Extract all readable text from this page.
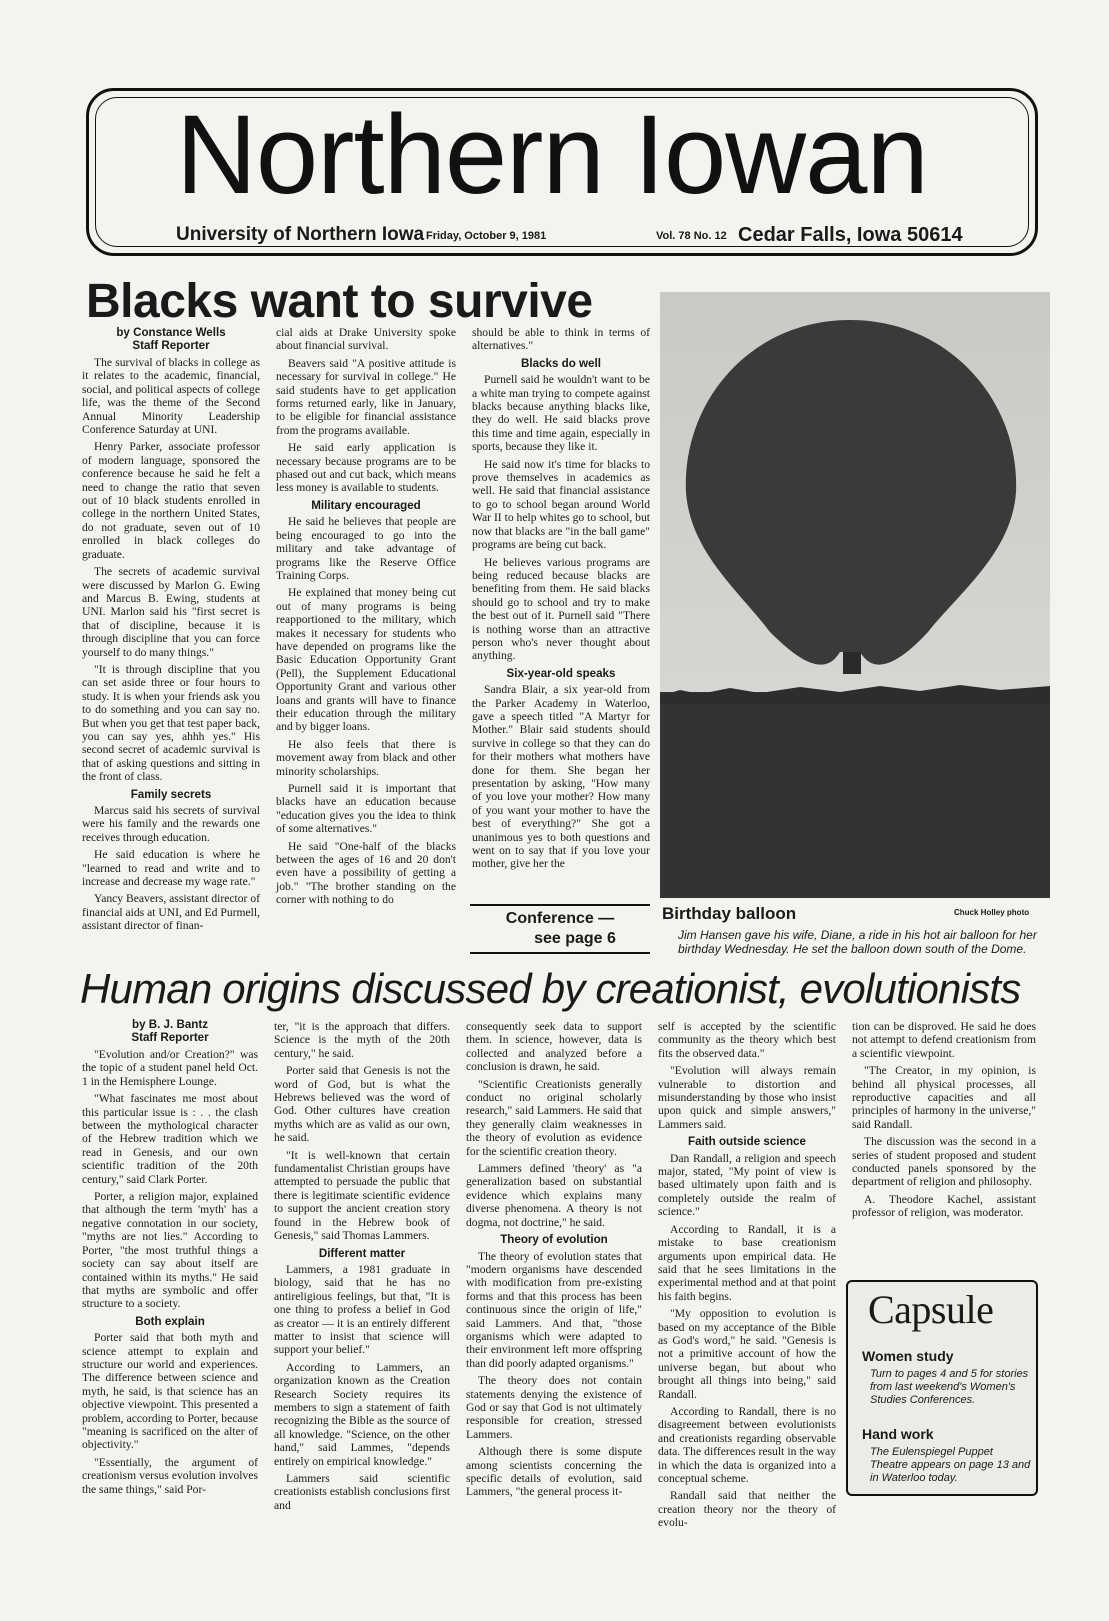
Northern Iowan
University of Northern Iowa Friday, October 9, 1981	Vol. 78 No. 12 Cedar Falls, Iowa 50614
Blacks want to survive
by Constance Wells
Staff Reporter

The survival of blacks in college as it relates to the academic, financial, social, and political aspects of college life, was the theme of the Second Annual Minority Leadership Conference Saturday at UNI.

Henry Parker, associate professor of modern language, sponsored the conference because he said he felt a need to change the ratio that seven out of 10 black students enrolled in college in the northern United States, do not graduate, seven out of 10 enrolled in black colleges do graduate.

The secrets of academic survival were discussed by Marlon G. Ewing and Marcus B. Ewing, students at UNI. Marlon said his "first secret is that of discipline, because it is through discipline that you can force yourself to do many things."

"It is through discipline that you can set aside three or four hours to study. It is when your friends ask you to do something and you can say no. But when you get that test paper back, you can say yes, ahhh yes." His second secret of academic survival is that of asking questions and sitting in the front of class.

Family secrets

Marcus said his secrets of survival were his family and the rewards one receives through education.

He said education is where he "learned to read and write and to increase and decrease my wage rate."

Yancy Beavers, assistant director of financial aids at UNI, and Ed Purmell, assistant director of finan-

cial aids at Drake University spoke about financial survival.

Beavers said "A positive attitude is necessary for survival in college." He said students have to get application forms returned early, like in January, to be eligible for financial assistance from the programs available.

He said early application is necessary because programs are to be phased out and cut back, which means less money is available to students.

Military encouraged

He said he believes that people are being encouraged to go into the military and take advantage of programs like the Reserve Office Training Corps.

He explained that money being cut out of many programs is being reapportioned to the military, which makes it necessary for students who have depended on programs like the Basic Education Opportunity Grant (Pell), the Supplement Educational Opportunity Grant and various other loans and grants will have to finance their education through the military and by bigger loans.

He also feels that there is movement away from black and other minority scholarships.

Purnell said it is important that blacks have an education because "education gives you the idea to think of some alternatives."

He said "One-half of the blacks between the ages of 16 and 20 don't even have a possibility of getting a job." "The brother standing on the corner with nothing to do

should be able to think in terms of alternatives."

Blacks do well

Purnell said he wouldn't want to be a white man trying to compete against blacks because anything blacks like, they do well. He said blacks prove this time and time again, especially in sports, because they like it.

He said now it's time for blacks to prove themselves in academics as well. He said that financial assistance to go to school began around World War II to help whites go to school, but now that blacks are "in the ball game" programs are being cut back.

He believes various programs are being reduced because blacks are benefiting from them. He said blacks should go to school and try to make the best out of it. Purnell said "There is nothing worse than an attractive person who's never thought about anything.

Six-year-old speaks

Sandra Blair, a six year-old from the Parker Academy in Waterloo, gave a speech titled "A Martyr for Mother." Blair said students should survive in college so that they can do for their mothers what mothers have done for them. She began her presentation by asking, "How many of you love your mother? How many of you want your mother to have the best of everything?" She got a unanimous yes to both questions and went on to say that if you love your mother, give her the

Conference —
see page 6
Birthday balloon	Chuck Holley photo
Jim Hansen gave his wife, Diane, a ride in his hot air balloon for her birthday Wednesday. He set the balloon down south of the Dome.
Human origins discussed by creationist, evolutionists
by B. J. Bantz
Staff Reporter

"Evolution and/or Creation?" was the topic of a student panel held Oct. 1 in the Hemisphere Lounge.

"What fascinates me most about this particular issue is : . . the clash between the mythological character of the Hebrew tradition which we read in Genesis, and our own scientific tradition of the 20th century," said Clark Porter.

Porter, a religion major, explained that although the term 'myth' has a negative connotation in our society, "myths are not lies." According to Porter, "the most truthful things a society can say about itself are contained within its myths." He said that myths are symbolic and offer structure to a society.

Both explain

Porter said that both myth and science attempt to explain and structure our world and experiences. The difference between science and myth, he said, is that science has an objective viewpoint. This presented a problem, according to Porter, because "meaning is sacrificed on the alter of objectivity."

"Essentially, the argument of creationism versus evolution involves the same things," said Por-

ter, "it is the approach that differs. Science is the myth of the 20th century," he said.

Porter said that Genesis is not the word of God, but is what the Hebrews believed was the word of God. Other cultures have creation myths which are as valid as our own, he said.

"It is well-known that certain fundamentalist Christian groups have attempted to persuade the public that there is legitimate scientific evidence to support the ancient creation story found in the Hebrew book of Genesis," said Thomas Lammers.

Different matter

Lammers, a 1981 graduate in biology, said that he has no antireligious feelings, but that, "It is one thing to profess a belief in God as creator — it is an entirely different matter to insist that science will support your belief."

According to Lammers, an organization known as the Creation Research Society requires its members to sign a statement of faith recognizing the Bible as the source of all knowledge. "Science, on the other hand," said Lammes, "depends entirely on empirical knowledge."

Lammers said scientific creationists establish conclusions first and

consequently seek data to support them. In science, however, data is collected and analyzed before a conclusion is drawn, he said.

"Scientific Creationists generally conduct no original scholarly research," said Lammers. He said that they generally claim weaknesses in the theory of evolution as evidence for the scientific creation theory.

Lammers defined 'theory' as "a generalization based on substantial evidence which explains many diverse phenomena. A theory is not dogma, not doctrine," he said.

Theory of evolution

The theory of evolution states that "modern organisms have descended with modification from pre-existing forms and that this process has been continuous since the origin of life," said Lammers. And that, "those organisms which were adapted to their environment left more offspring than did poorly adapted organisms."

The theory does not contain statements denying the existence of God or say that God is not ultimately responsible for creation, stressed Lammers.

Although there is some dispute among scientists concerning the specific details of evolution, said Lammers, "the general process it-

self is accepted by the scientific community as the theory which best fits the observed data."

"Evolution will always remain vulnerable to distortion and misunderstanding by those who insist upon quick and simple answers," Lammers said.

Faith outside science

Dan Randall, a religion and speech major, stated, "My point of view is based ultimately upon faith and is completely outside the realm of science."

According to Randall, it is a mistake to base creationism arguments upon empirical data. He said that he sees limitations in the experimental method and at that point his faith begins.

"My opposition to evolution is based on my acceptance of the Bible as God's word," he said. "Genesis is not a primitive account of how the universe began, but about who brought all things into being," said Randall.

According to Randall, there is no disagreement between evolutionists and creationists regarding observable data. The differences result in the way in which the data is organized into a conceptual scheme.

Randall said that neither the creation theory nor the theory of evolu-

tion can be disproved. He said he does not attempt to defend creationism from a scientific viewpoint.

"The Creator, in my opinion, is behind all physical processes, all reproductive capacities and all principles of harmony in the universe," said Randall.

The discussion was the second in a series of student proposed and student conducted panels sponsored by the department of religion and philosophy.

A. Theodore Kachel, assistant professor of religion, was moderator.

Capsule
Women study
Turn to pages 4 and 5 for stories from last weekend's Women's Studies Conferences.
Hand work
The Eulenspiegel Puppet Theatre appears on page 13 and in Waterloo today.
